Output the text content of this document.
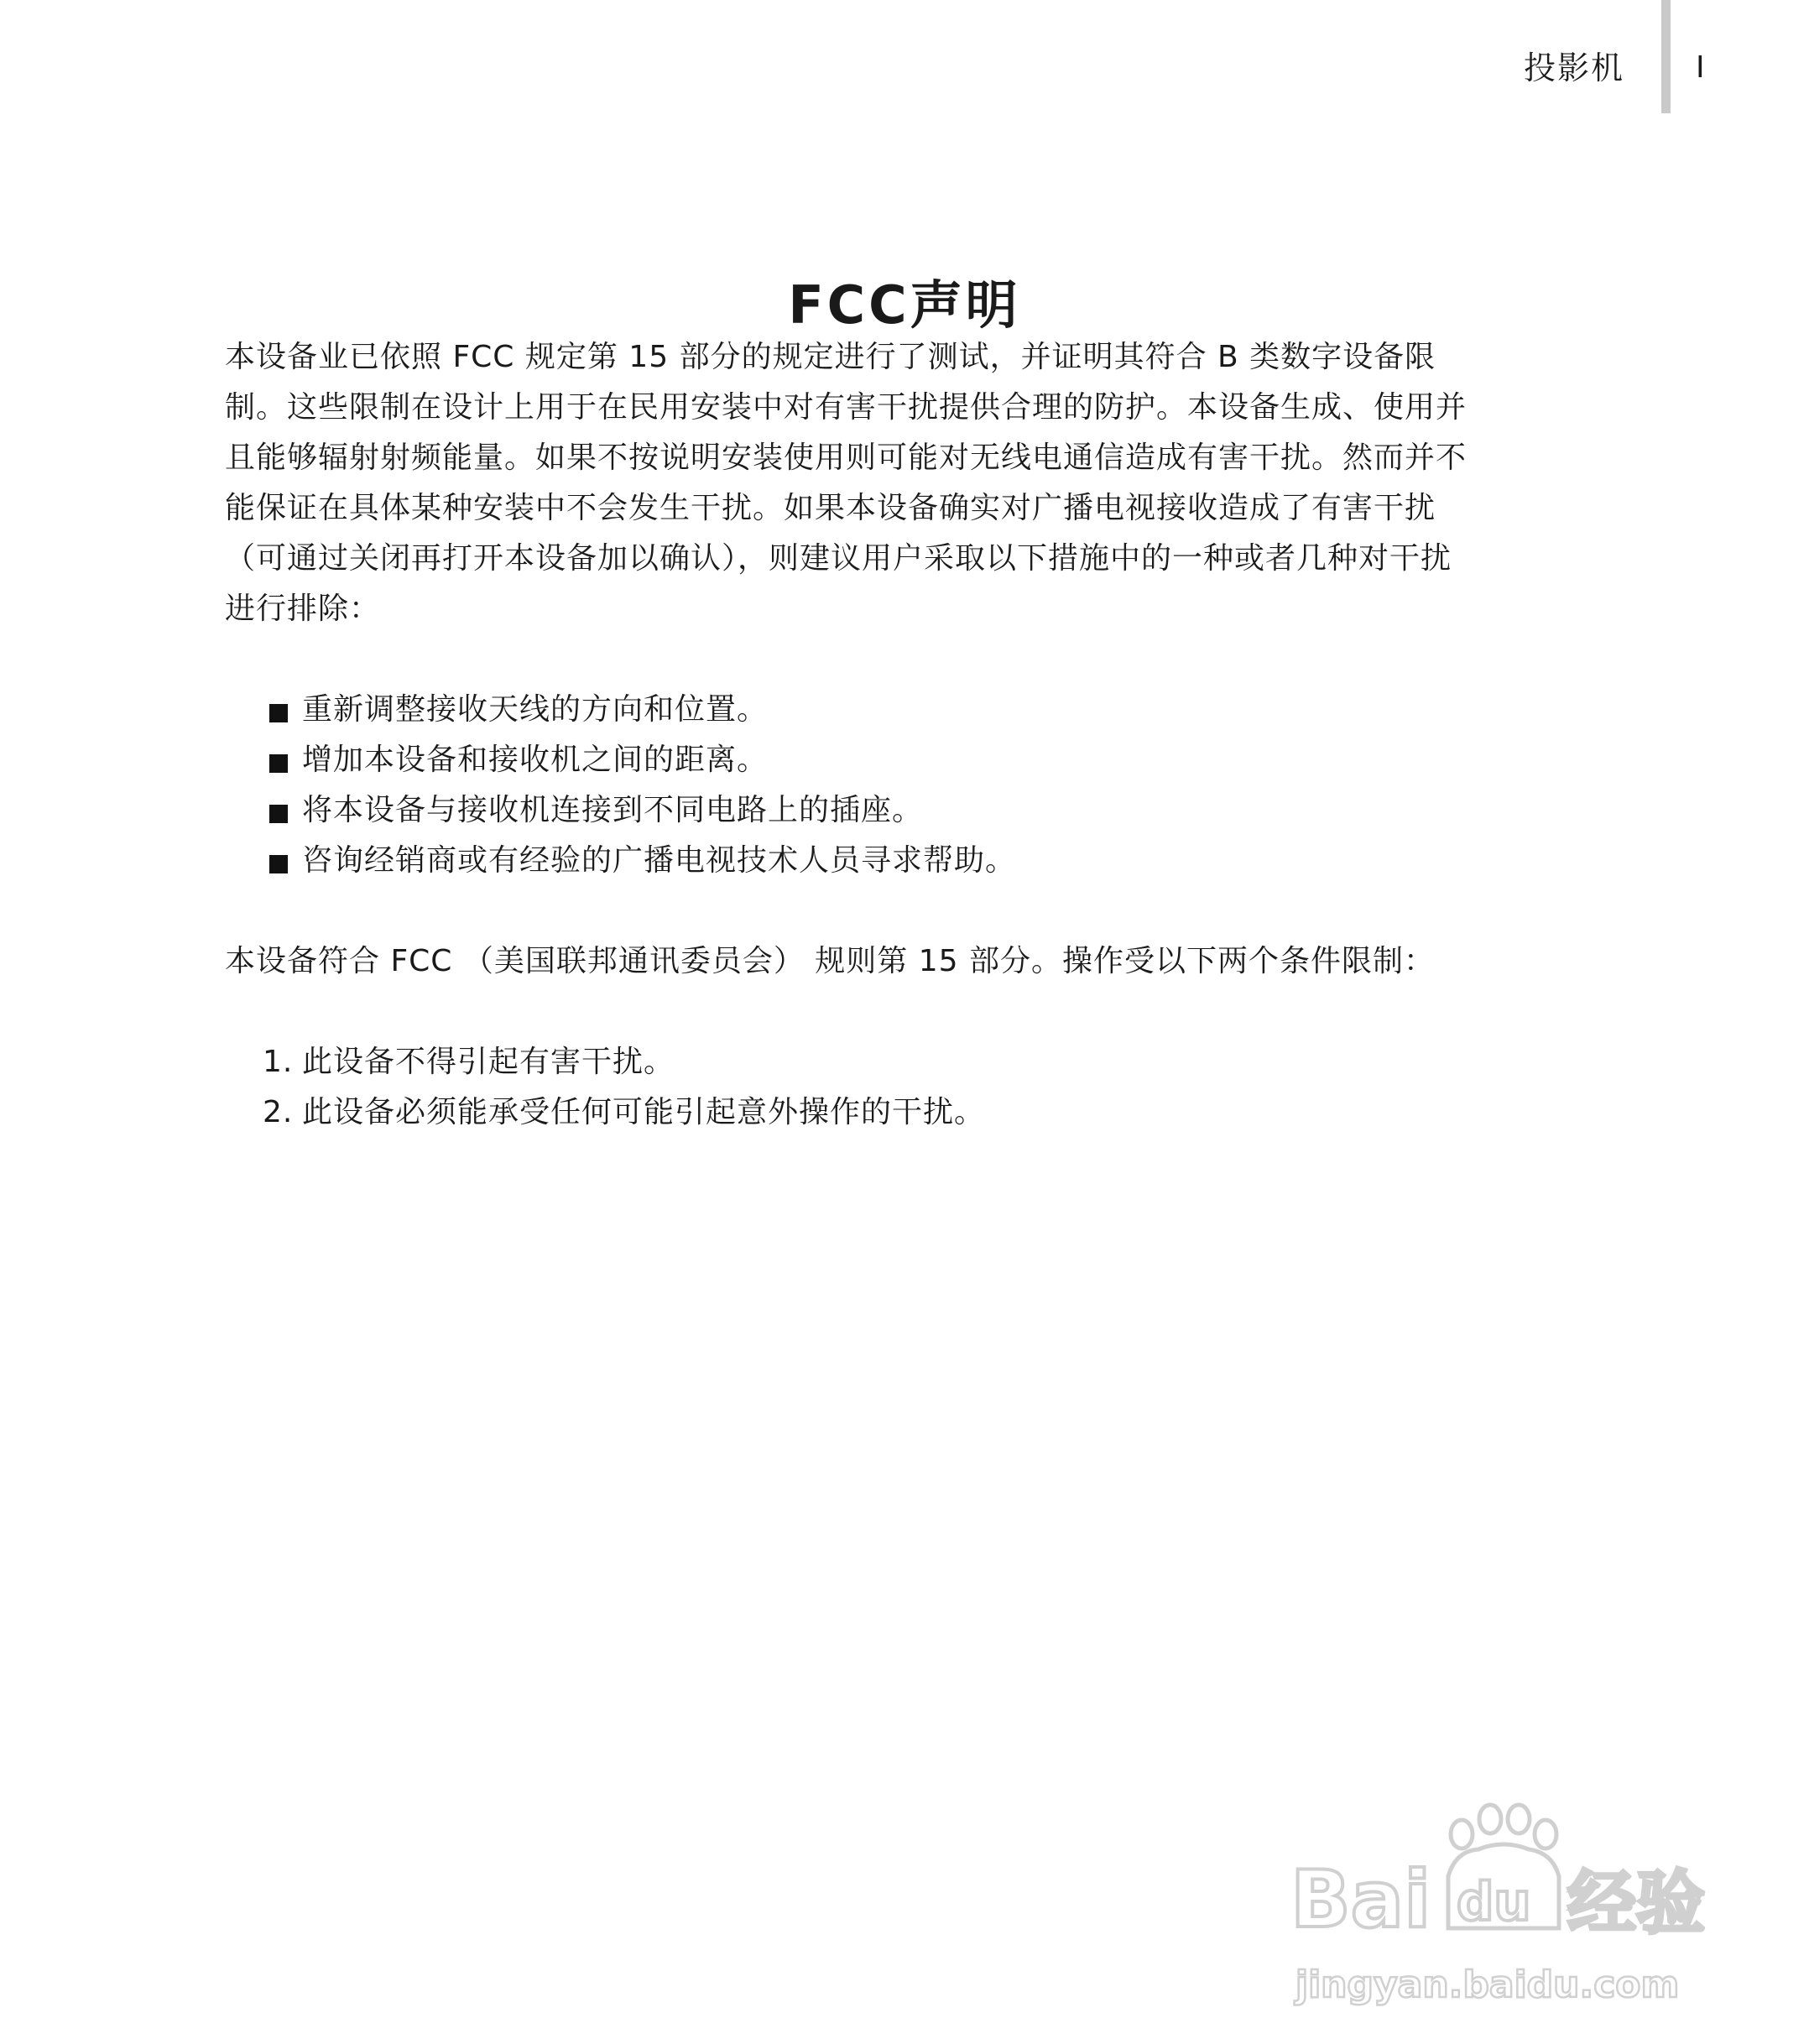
投影机 I
FCC声明

本设备业已依照 FCC 规定第 15 部分的规定进行了测试，并证明其符合 B 类数字设备限制。这些限制在设计上用于在民用安装中对有害干扰提供合理的防护。本设备生成、使用并且能够辐射射频能量。如果不按说明安装使用则可能对无线电通信造成有害干扰。然而并不能保证在具体某种安装中不会发生干扰。如果本设备确实对广播电视接收造成了有害干扰（可通过关闭再打开本设备加以确认），则建议用户采取以下措施中的一种或者几种对干扰进行排除：

重新调整接收天线的方向和位置。
增加本设备和接收机之间的距离。
将本设备与接收机连接到不同电路上的插座。
咨询经销商或有经验的广播电视技术人员寻求帮助。

本设备符合 FCC （美国联邦通讯委员会） 规则第 15 部分。操作受以下两个条件限制：

1. 此设备不得引起有害干扰。
2. 此设备必须能承受任何可能引起意外操作的干扰。
Bai du 经验
jingyan.baidu.com
